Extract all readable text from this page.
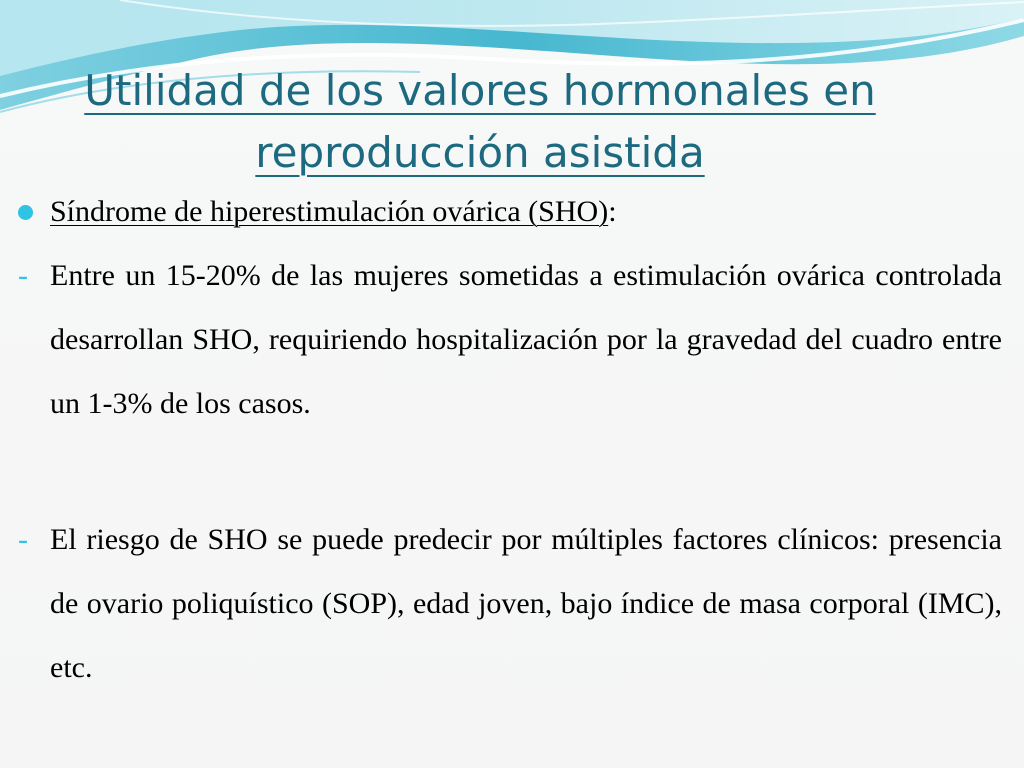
Utilidad de los valores hormonales en
reproducción asistida
Síndrome de hiperestimulación ovárica (SHO):
- Entre un 15-20% de las mujeres sometidas a estimulación ovárica controlada desarrollan SHO, requiriendo hospitalización por la gravedad del cuadro entre un 1-3% de los casos.
- El riesgo de SHO se puede predecir por múltiples factores clínicos: presencia de ovario poliquístico (SOP), edad joven, bajo índice de masa corporal (IMC), etc.
